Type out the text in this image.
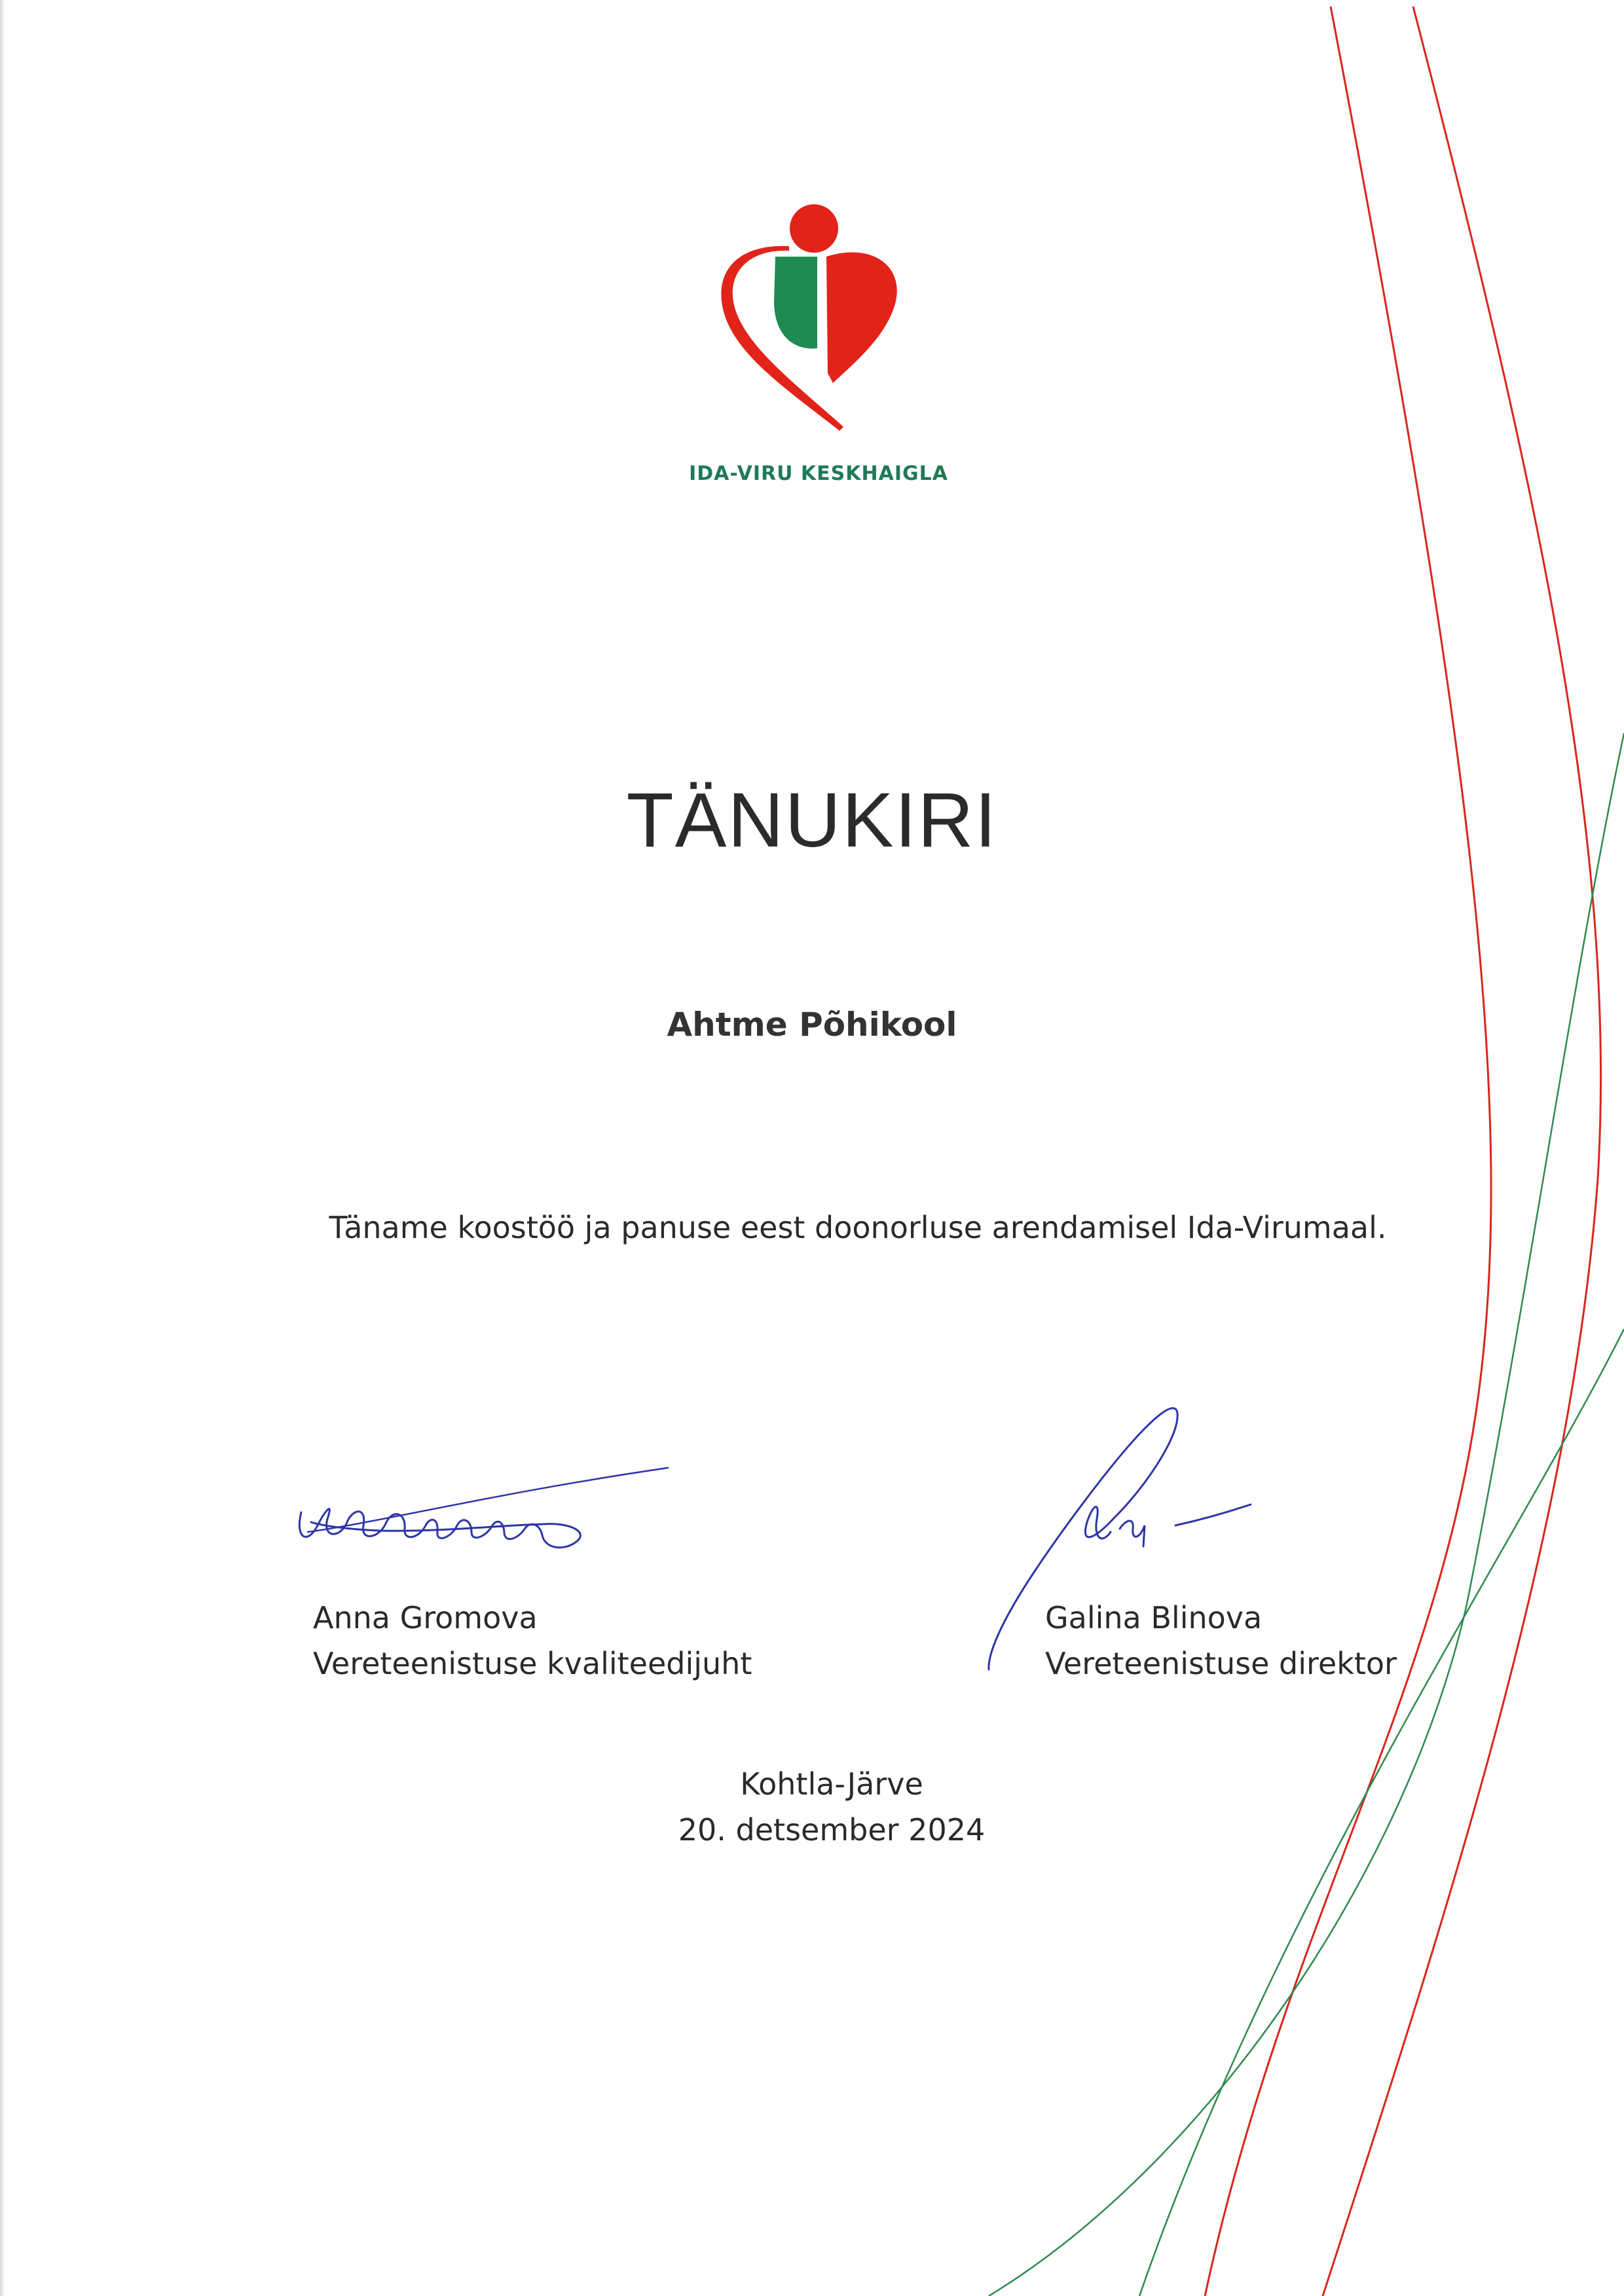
IDA-VIRU KESKHAIGLA
TÄNUKIRI
Ahtme Põhikool
Täname koostöö ja panuse eest doonorluse arendamisel Ida-Virumaal.
Anna Gromova
Vereteenistuse kvaliteedijuht
Galina Blinova
Vereteenistuse direktor
Kohtla-Järve
20. detsember 2024
